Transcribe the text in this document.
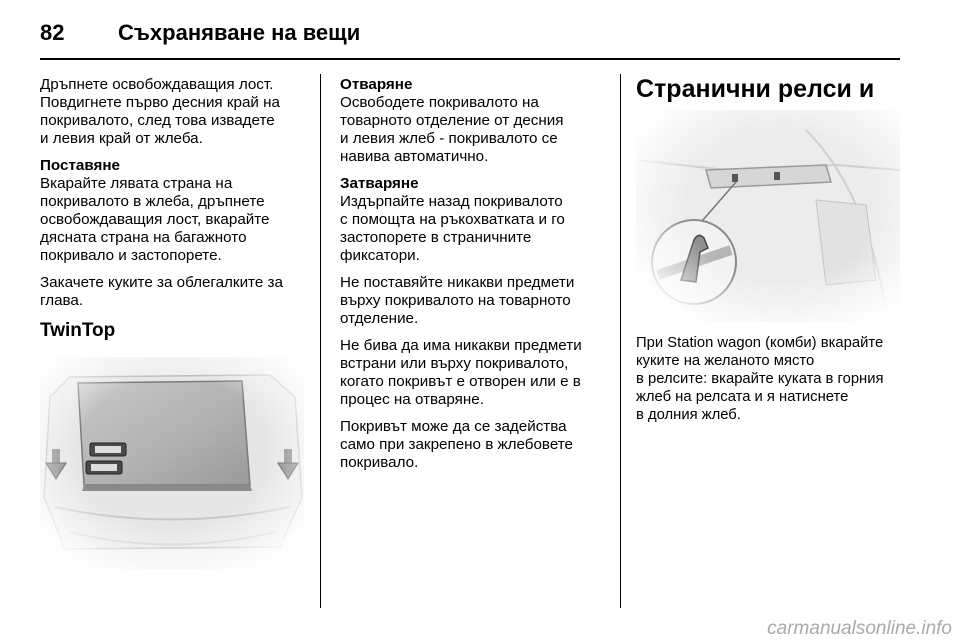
82 Съхраняване на вещи

Дръпнете освобождаващия лост.
Повдигнете първо десния край на
покривалото, след това извадете
и левия край от жлеба.

Поставяне

Вкарайте лявата страна на
покривалото в жлеба, дръпнете
освобождаващия лост, вкарайте
дясната страна на багажното
покривало и застопорете.

Закачете куките за облегалките за
глава.

TwinTop
Отваряне

Освободете покривалото на
товарното отделение от десния
и левия жлеб - покривалото се
навива автоматично.

Затваряне

Издърпайте назад покривалото
с помощта на ръкохватката и го
застопорете в страничните
фиксатори.

Не поставяйте никакви предмети
върху покривалото на товарното
отделение.

Не бива да има никакви предмети
встрани или върху покривалото,
когато покривът е отворен или е в
процес на отваряне.

Покривът може да се задейства
само при закрепено в жлебовете
покривало.

Странични релси и

При Station wagon (комби) вкарайте
куките на желаното място
в релсите: вкарайте куката в горния
жлеб на релсата и я натиснете
в долния жлеб.

carmanualsonline.info
